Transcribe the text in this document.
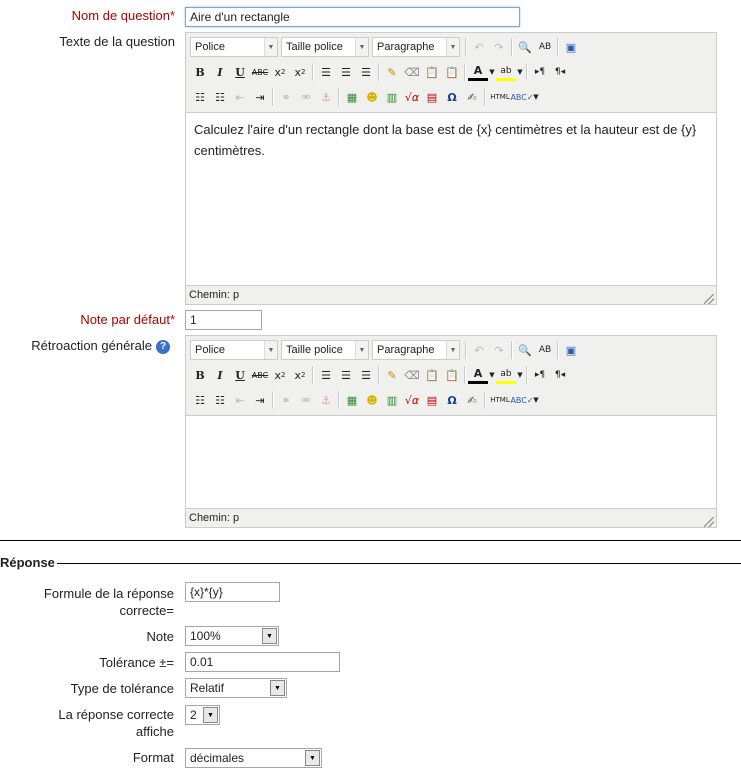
Nom de question*	Aire d'un rectangle
Texte de la question Police	▼ Taille police	▼ Paragraphe	▼	↶ ↷	🔍 AB	▣
B	I	U ABC x 2 x 2	☰ ☰ ☰	✎ ⌫ 📋 📋	A	▼ ab ▼	▸¶	¶◂
☷ ☷ ⇤ ⇥	⚭ ⚮ ⚓	▦ ☻ ▥ √α ▤ Ω ✍	HTML ABC✓ ▼
Calculez l'aire d'un rectangle dont la base est de {x} centimètres et la hauteur est de {y} centimètres.
Chemin: p
Note par défaut*	1
Rétroaction générale ?	Police	▼ Taille police	▼ Paragraphe	▼	↶ ↷	🔍 AB	▣
B	I	U ABC x 2 x 2	☰ ☰ ☰	✎ ⌫ 📋 📋	A	▼ ab ▼	▸¶	¶◂
☷ ☷ ⇤ ⇥	⚭ ⚮ ⚓	▦ ☻ ▥ √α ▤ Ω ✍	HTML ABC✓ ▼
Chemin: p
Réponse
Formule de la réponse
correcte=
{x}*{y}
Note 100%	▼
Tolérance ±=	0.01
Type de tolérance Relatif	▼
La réponse correcte
affiche
2	▼
Format décimales	▼
